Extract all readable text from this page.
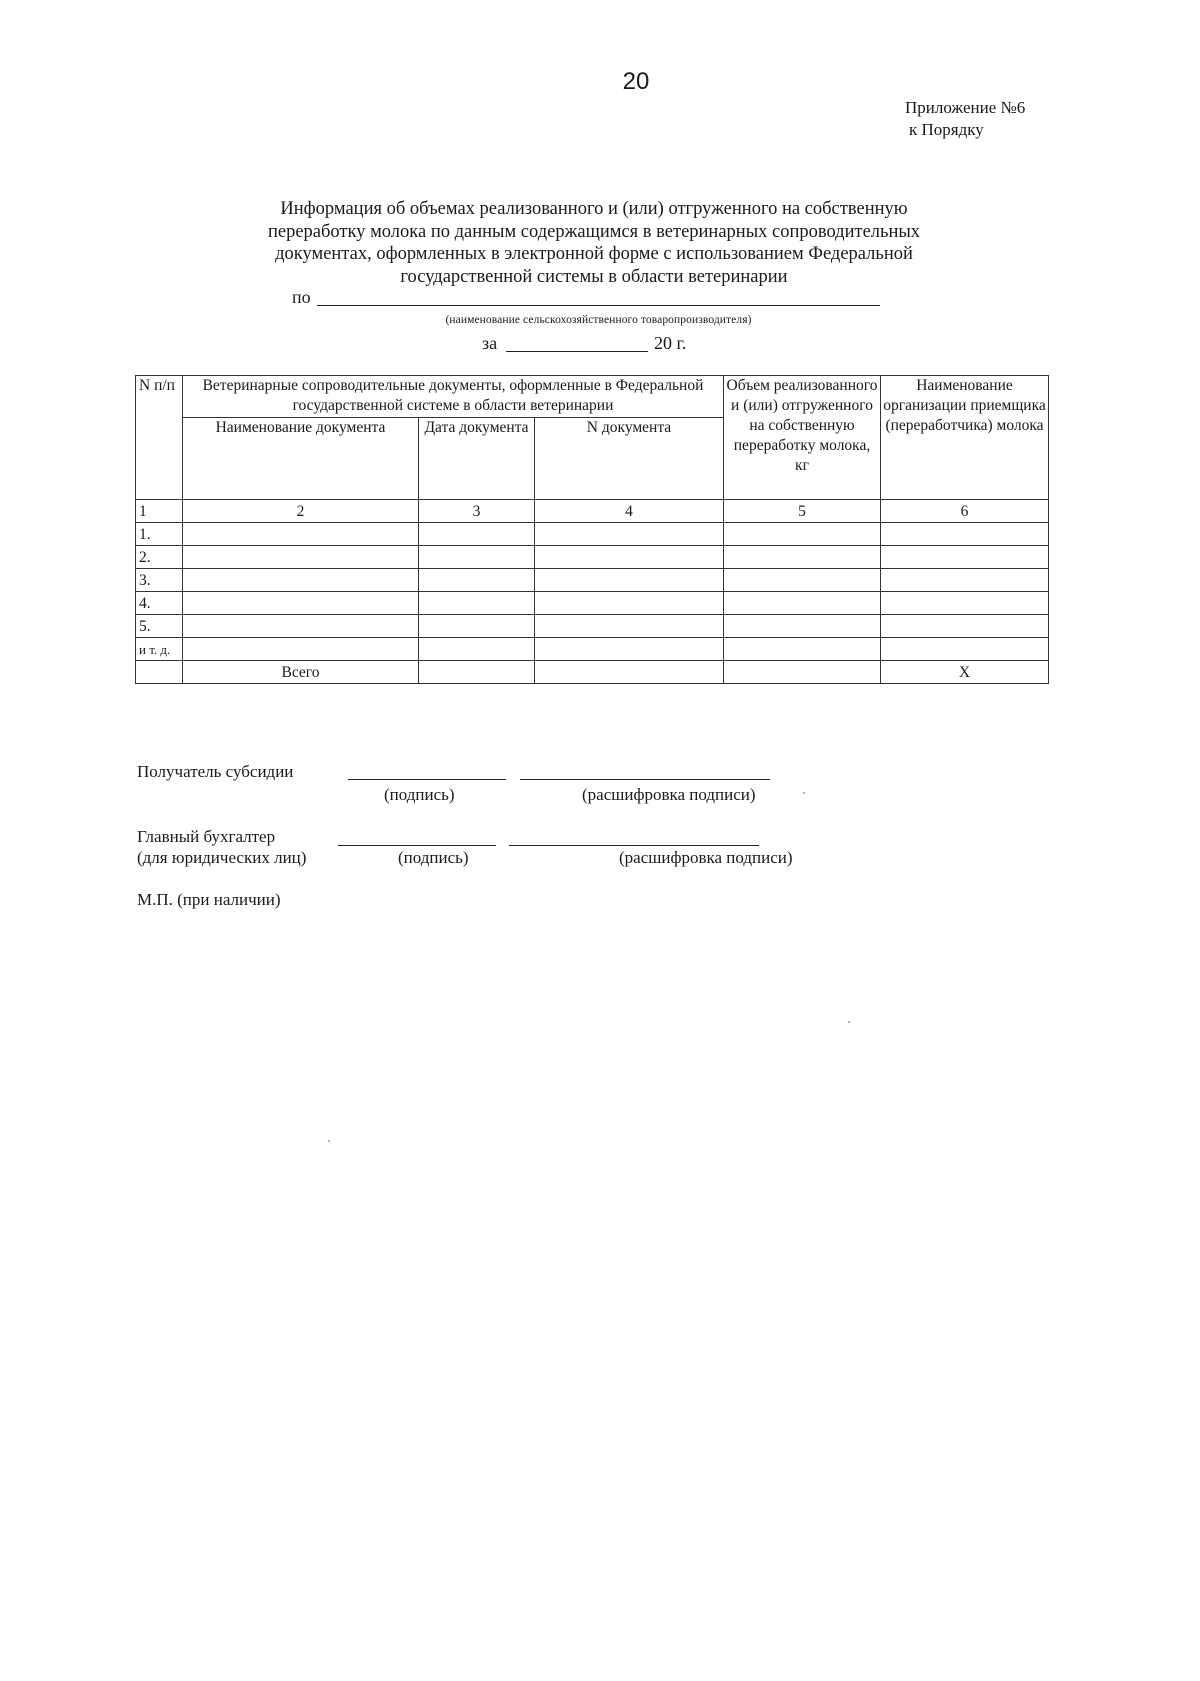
20
Приложение №6
к Порядку
Информация об объемах реализованного и (или) отгруженного на собственную
переработку молока по данным содержащимся в ветеринарных сопроводительных
документах, оформленных в электронной форме с использованием Федеральной
государственной системы в области ветеринарии
по
(наименование сельскохозяйственного товаропроизводителя)
за	20 г.
N п/п	Ветеринарные сопроводительные документы, оформленные в Федеральной государственной системе в области ветеринарии			Объем реализованного и (или) отгруженного на собственную переработку молока, кг	Наименование организации приемщика (переработчика) молока
	Наименование документа	Дата документа	N документа		
1	2	3	4	5	6
1.					
2.					
3.					
4.					
5.					
и т. д.					
	Всего				X
Получатель субсидии
(подпись)	(расшифровка подписи)
Главный бухгалтер
(для юридических лиц)	(подпись)	(расшифровка подписи)
М.П. (при наличии)
